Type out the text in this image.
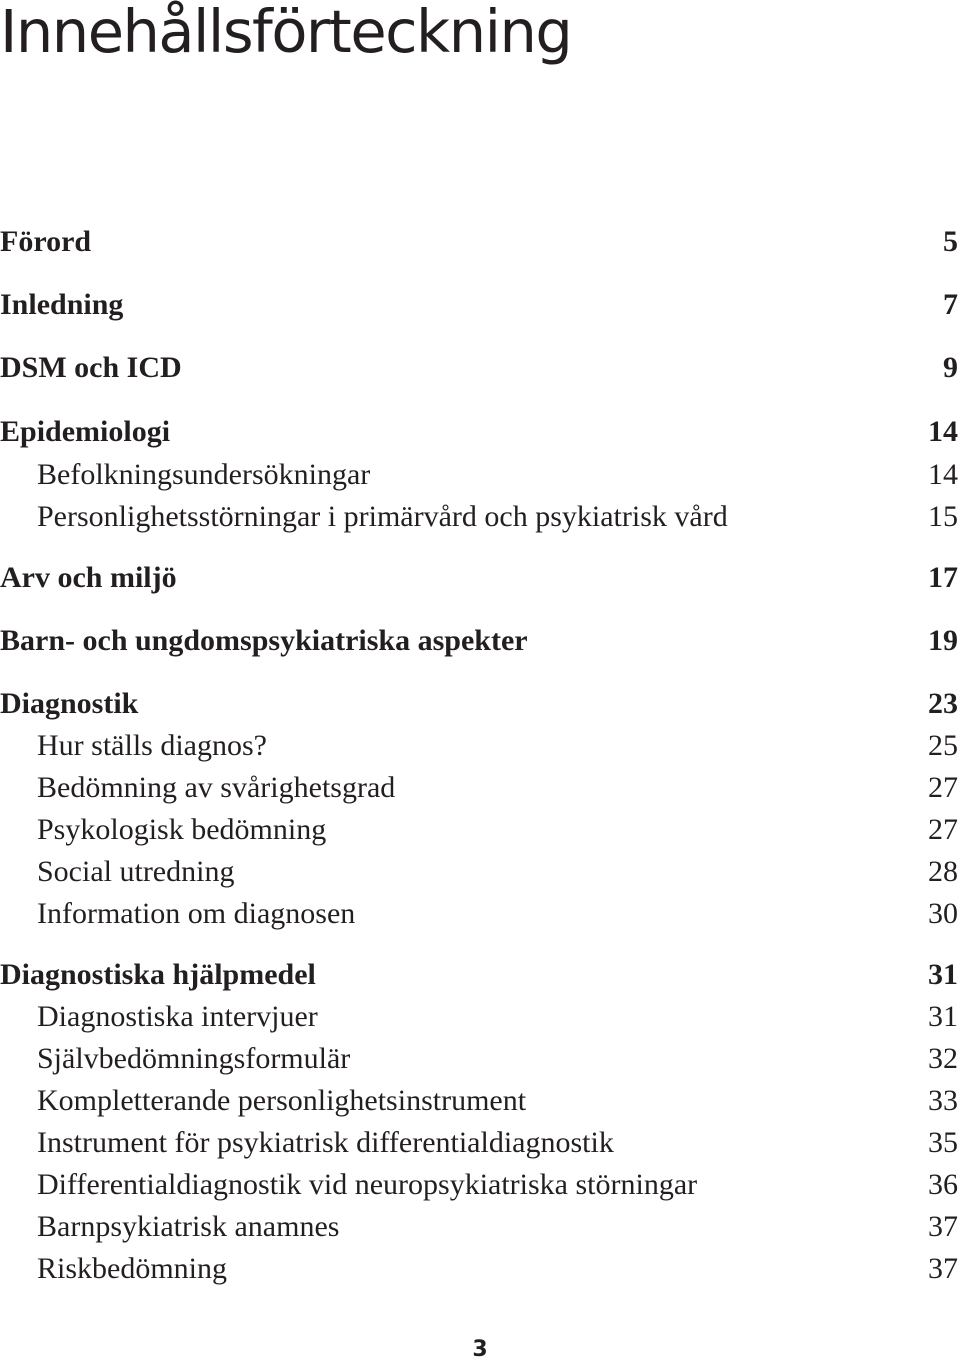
Innehållsförteckning
Förord	5
Inledning	7
DSM och ICD	9
Epidemiologi	14
Befolkningsundersökningar	14
Personlighetsstörningar i primärvård och psykiatrisk vård	15
Arv och miljö	17
Barn- och ungdomspsykiatriska aspekter	19
Diagnostik	23
Hur ställs diagnos?	25
Bedömning av svårighetsgrad	27
Psykologisk bedömning	27
Social utredning	28
Information om diagnosen	30
Diagnostiska hjälpmedel	31
Diagnostiska intervjuer	31
Självbedömningsformulär	32
Kompletterande personlighetsinstrument	33
Instrument för psykiatrisk differentialdiagnostik	35
Differentialdiagnostik vid neuropsykiatriska störningar	36
Barnpsykiatrisk anamnes	37
Riskbedömning	37
3
